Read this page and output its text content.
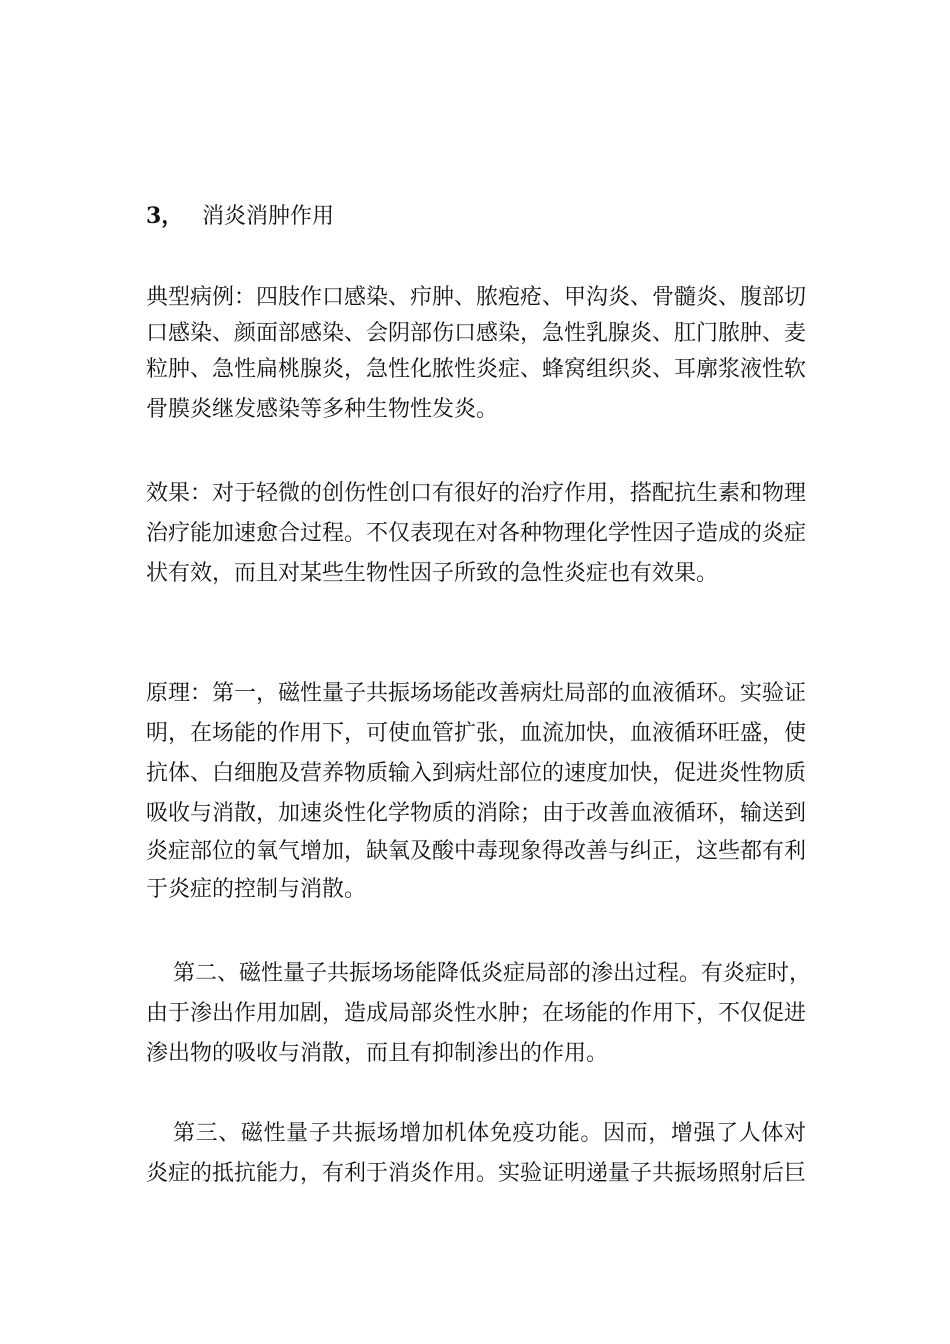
3， 消炎消肿作用
典型病例：四肢作口感染、疖肿、脓疱疮、甲沟炎、骨髓炎、腹部切
口感染、颜面部感染、会阴部伤口感染，急性乳腺炎、肛门脓肿、麦
粒肿、急性扁桃腺炎，急性化脓性炎症、蜂窝组织炎、耳廓浆液性软
骨膜炎继发感染等多种生物性发炎。
效果：对于轻微的创伤性创口有很好的治疗作用，搭配抗生素和物理
治疗能加速愈合过程。不仅表现在对各种物理化学性因子造成的炎症
状有效，而且对某些生物性因子所致的急性炎症也有效果。
原理：第一，磁性量子共振场场能改善病灶局部的血液循环。实验证
明，在场能的作用下，可使血管扩张，血流加快，血液循环旺盛，使
抗体、白细胞及营养物质输入到病灶部位的速度加快，促进炎性物质
吸收与消散，加速炎性化学物质的消除；由于改善血液循环，输送到
炎症部位的氧气增加，缺氧及酸中毒现象得改善与纠正，这些都有利
于炎症的控制与消散。
第二、磁性量子共振场场能降低炎症局部的渗出过程。有炎症时，
由于渗出作用加剧，造成局部炎性水肿；在场能的作用下，不仅促进
渗出物的吸收与消散，而且有抑制渗出的作用。
第三、磁性量子共振场增加机体免疫功能。因而，增强了人体对
炎症的抵抗能力，有利于消炎作用。实验证明递量子共振场照射后巨
